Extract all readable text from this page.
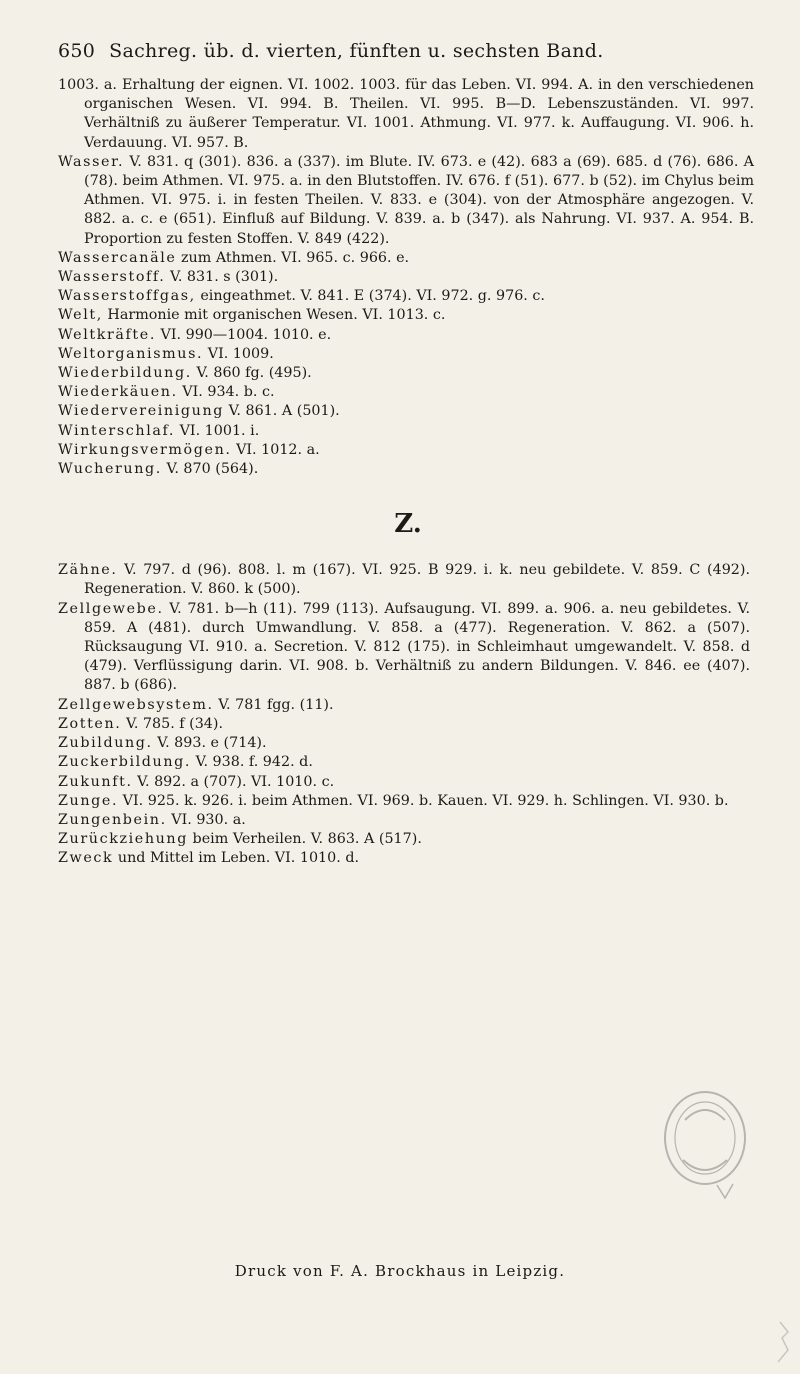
650 Sachreg. üb. d. vierten, fünften u. sechsten Band.

1003. a. Erhaltung der eignen. VI. 1002. 1003. für das Leben. VI. 994. A. in den verschiedenen organischen Wesen. VI. 994. B. Theilen. VI. 995. B—D. Lebenszuständen. VI. 997. Verhältniß zu äußerer Temperatur. VI. 1001. Athmung. VI. 977. k. Auffaugung. VI. 906. h. Verdauung. VI. 957. B.

Wasser. V. 831. q (301). 836. a (337). im Blute. IV. 673. e (42). 683 a (69). 685. d (76). 686. A (78). beim Athmen. VI. 975. a. in den Blutstoffen. IV. 676. f (51). 677. b (52). im Chylus beim Athmen. VI. 975. i. in festen Theilen. V. 833. e (304). von der Atmosphäre angezogen. V. 882. a. c. e (651). Einfluß auf Bildung. V. 839. a. b (347). als Nahrung. VI. 937. A. 954. B. Proportion zu festen Stoffen. V. 849 (422).

Wassercanäle zum Athmen. VI. 965. c. 966. e.

Wasserstoff. V. 831. s (301).

Wasserstoffgas, eingeathmet. V. 841. E (374). VI. 972. g. 976. c.

Welt, Harmonie mit organischen Wesen. VI. 1013. c.

Weltkräfte. VI. 990—1004. 1010. e.

Weltorganismus. VI. 1009.

Wiederbildung. V. 860 fg. (495).

Wiederkäuen. VI. 934. b. c.

Wiedervereinigung V. 861. A (501).

Winterschlaf. VI. 1001. i.

Wirkungsvermögen. VI. 1012. a.

Wucherung. V. 870 (564).

Z.

Zähne. V. 797. d (96). 808. l. m (167). VI. 925. B 929. i. k. neu gebildete. V. 859. C (492). Regeneration. V. 860. k (500).

Zellgewebe. V. 781. b—h (11). 799 (113). Aufsaugung. VI. 899. a. 906. a. neu gebildetes. V. 859. A (481). durch Umwandlung. V. 858. a (477). Regeneration. V. 862. a (507). Rücksaugung VI. 910. a. Secretion. V. 812 (175). in Schleimhaut umgewandelt. V. 858. d (479). Verflüssigung darin. VI. 908. b. Verhältniß zu andern Bildungen. V. 846. ee (407). 887. b (686).

Zellgewebsystem. V. 781 fgg. (11).

Zotten. V. 785. f (34).

Zubildung. V. 893. e (714).

Zuckerbildung. V. 938. f. 942. d.

Zukunft. V. 892. a (707). VI. 1010. c.

Zunge. VI. 925. k. 926. i. beim Athmen. VI. 969. b. Kauen. VI. 929. h. Schlingen. VI. 930. b.

Zungenbein. VI. 930. a.

Zurückziehung beim Verheilen. V. 863. A (517).

Zweck und Mittel im Leben. VI. 1010. d.

Druck von F. A. Brockhaus in Leipzig.
